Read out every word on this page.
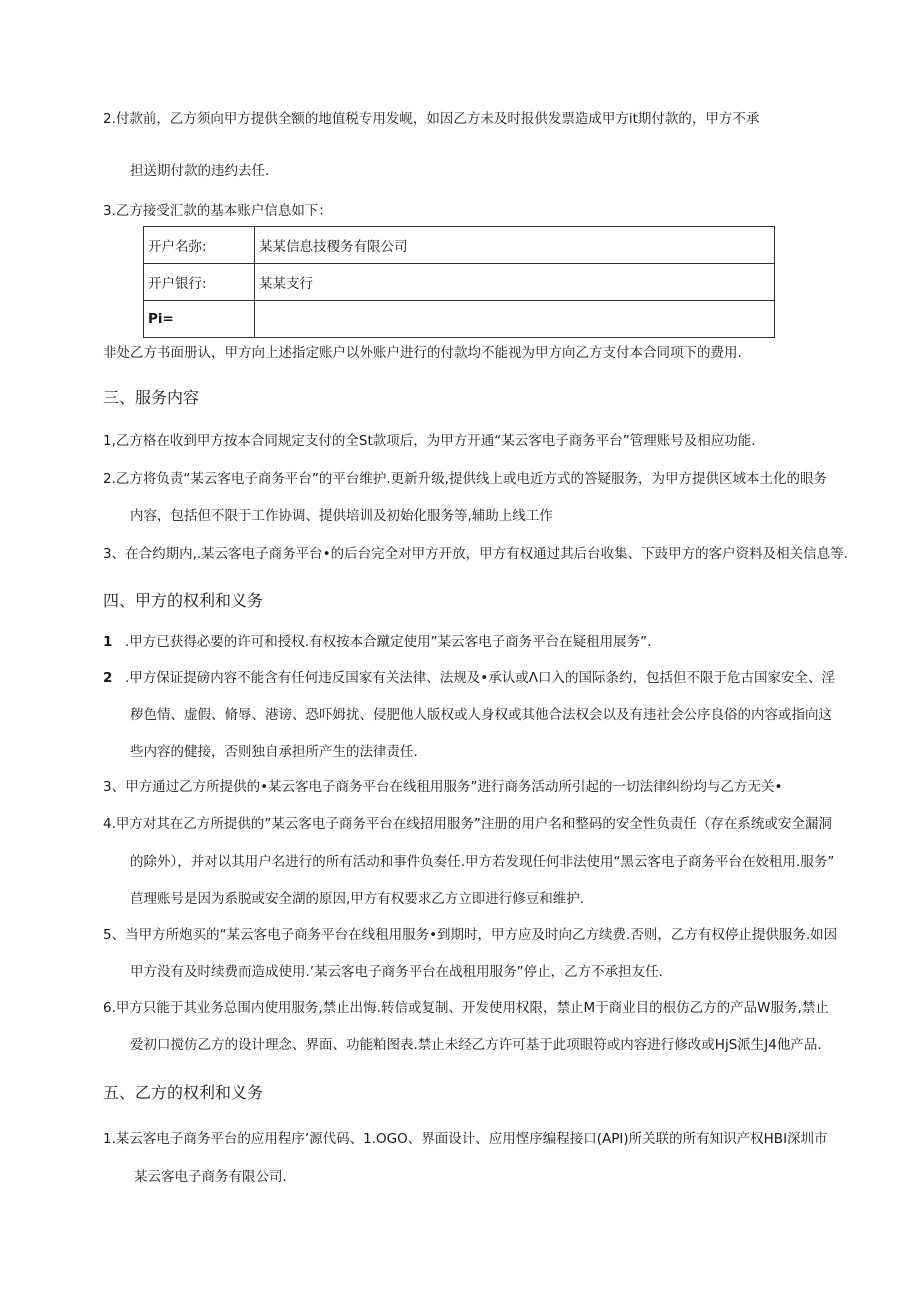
2.付款前，乙方须向甲方提供全额的地值税专用发岘，如因乙方未及时报供发票造成甲方it期付款的，甲方不承
担送期付款的违约去任.
3.乙方接受汇款的基本账户信息如下：
开户名弥:	某某信息技稷务有限公司
开户银行:	某某支行
Pi=	
非处乙方书面册认，甲方向上述指定账户以外账户进行的付款均不能视为甲方向乙方支付本合同项下的费用.
三、服务内容
1,乙方格在收到甲方按本合同规定支付的全St款项后，为甲方开通“某云客电子商务平台”管理账号及相应功能.
2.乙方将负责“某云客电子商务平台”的平台维护.更新升级,提供线上或电近方式的答疑服务，为甲方提供区域本土化的眼务
内容，包括但不限于工作协调、提供培训及初始化服务等,辅助上线工作
3、在合约期内,.某云客电子商务平台•的后台完全对甲方开放，甲方有权通过其后台收集、下豉甲方的客户资料及相关信息等.
四、甲方的权利和义务
1 .甲方已获得必要的许可和授权.有权按本合蹴定使用”某云客电子商务平台在疑租用展务”.
2 .甲方保证提磅内容不能含有任何违反国家有关法律、法规及•承认或Λ口入的国际条约，包括但不限于危古国家安全、淫
秽色情、虚假、脩辱、港谤、恐吓姆扰、侵肥他人版权或人身权或其他合法权会以及有违社会公序良俗的内容或指向这
些内容的健接，否则独自承担所产生的法律责任.
3、甲方通过乙方所提供的•某云客电子商务平台在线租用服务”进行商务活动所引起的一切法律纠纷均与乙方无关•
4.甲方对其在乙方所提供的”某云客电子商务平台在线招用服务”注册的用户名和整码的安全性负责任（存在系统或安全漏洞
的除外），并对以其用户名进行的所有活动和事件负奏任.甲方若发现任何非法使用“黑云客电子商务平台在姣租用.服务”
苣理账号是因为系脱或安全湖的原因,甲方有权要求乙方立即进行修豆和维护.
5、当甲方所炮买的“某云客电子商务平台在线租用服务•到期时，甲方应及时向乙方续费.否则，乙方有权停止提供服务.如因
甲方没有及时续费而造成使用.’某云客电子商务平台在战租用服务”停止，乙方不承担友任.
6.甲方只能于其业务总围内使用服务,禁止出悔.转信或复制、开发使用权限，禁止M于商业目的根仿乙方的产品W服务,禁止
爱初口搅仿乙方的设计理念、界面、功能粕图表.禁止未经乙方许可基于此项眼符或内容进行修改或HjS派生J4他产品.
五、乙方的权利和义务
1.某云客电子商务平台的应用程序’源代码、1.OGO、界面设计、应用悭序编程接口(API)所关联的所有知识产权HBI深圳市
某云客电子商务有限公司.
